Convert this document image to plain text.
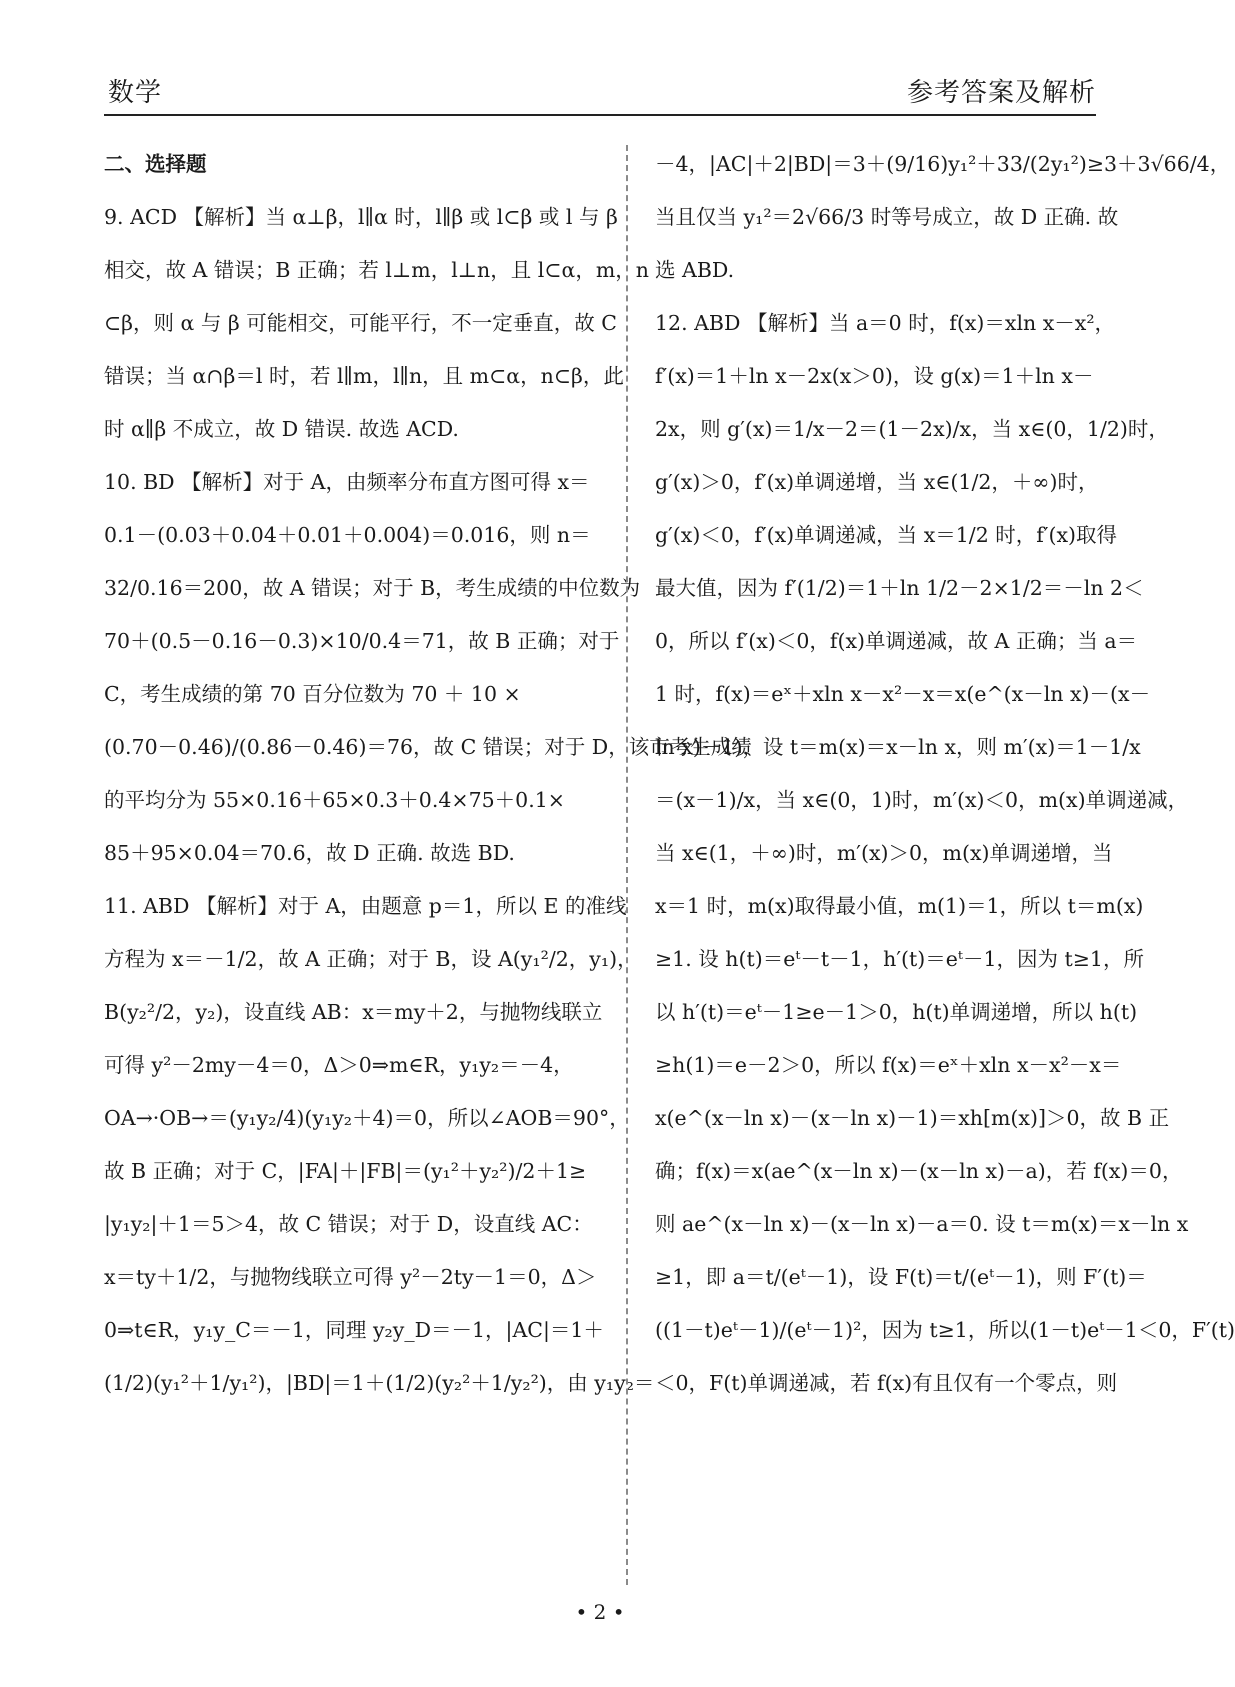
数学	参考答案及解析
二、选择题
9. ACD 【解析】当 α⊥β，l∥α 时，l∥β 或 l⊂β 或 l 与 β
相交，故 A 错误；B 正确；若 l⊥m，l⊥n，且 l⊂α，m，n
⊂β，则 α 与 β 可能相交，可能平行，不一定垂直，故 C
错误；当 α∩β＝l 时，若 l∥m，l∥n，且 m⊂α，n⊂β，此
时 α∥β 不成立，故 D 错误. 故选 ACD.
10. BD 【解析】对于 A，由频率分布直方图可得 x＝
0.1－(0.03＋0.04＋0.01＋0.004)＝0.016，则 n＝
32/0.16＝200，故 A 错误；对于 B，考生成绩的中位数为
70＋(0.5－0.16－0.3)×10/0.4＝71，故 B 正确；对于
C，考生成绩的第 70 百分位数为 70 ＋ 10 ×
(0.70－0.46)/(0.86－0.46)＝76，故 C 错误；对于 D，该市考生成绩
的平均分为 55×0.16＋65×0.3＋0.4×75＋0.1×
85＋95×0.04＝70.6，故 D 正确. 故选 BD.
11. ABD 【解析】对于 A，由题意 p＝1，所以 E 的准线
方程为 x＝－1/2，故 A 正确；对于 B，设 A(y₁²/2，y₁)，
B(y₂²/2，y₂)，设直线 AB：x＝my＋2，与抛物线联立
可得 y²－2my－4＝0，Δ＞0⇒m∈R，y₁y₂＝－4，
OA→·OB→＝(y₁y₂/4)(y₁y₂＋4)＝0，所以∠AOB＝90°，
故 B 正确；对于 C，|FA|＋|FB|＝(y₁²＋y₂²)/2＋1≥
|y₁y₂|＋1＝5＞4，故 C 错误；对于 D，设直线 AC：
x＝ty＋1/2，与抛物线联立可得 y²－2ty－1＝0，Δ＞
0⇒t∈R，y₁y_C＝－1，同理 y₂y_D＝－1，|AC|＝1＋
(1/2)(y₁²＋1/y₁²)，|BD|＝1＋(1/2)(y₂²＋1/y₂²)，由 y₁y₂＝
－4，|AC|＋2|BD|＝3＋(9/16)y₁²＋33/(2y₁²)≥3＋3√66/4，
当且仅当 y₁²＝2√66/3 时等号成立，故 D 正确. 故
选 ABD.
12. ABD 【解析】当 a＝0 时，f(x)＝xln x－x²，
f′(x)＝1＋ln x－2x(x＞0)，设 g(x)＝1＋ln x－
2x，则 g′(x)＝1/x－2＝(1－2x)/x，当 x∈(0，1/2)时，
g′(x)＞0，f′(x)单调递增，当 x∈(1/2，＋∞)时，
g′(x)＜0，f′(x)单调递减，当 x＝1/2 时，f′(x)取得
最大值，因为 f′(1/2)＝1＋ln 1/2－2×1/2＝－ln 2＜
0，所以 f′(x)＜0，f(x)单调递减，故 A 正确；当 a＝
1 时，f(x)＝eˣ＋xln x－x²－x＝x(e^(x－ln x)－(x－
ln x)－1)，设 t＝m(x)＝x－ln x，则 m′(x)＝1－1/x
＝(x－1)/x，当 x∈(0，1)时，m′(x)＜0，m(x)单调递减，
当 x∈(1，＋∞)时，m′(x)＞0，m(x)单调递增，当
x＝1 时，m(x)取得最小值，m(1)＝1，所以 t＝m(x)
≥1. 设 h(t)＝eᵗ－t－1，h′(t)＝eᵗ－1，因为 t≥1，所
以 h′(t)＝eᵗ－1≥e－1＞0，h(t)单调递增，所以 h(t)
≥h(1)＝e－2＞0，所以 f(x)＝eˣ＋xln x－x²－x＝
x(e^(x－ln x)－(x－ln x)－1)＝xh[m(x)]＞0，故 B 正
确；f(x)＝x(ae^(x－ln x)－(x－ln x)－a)，若 f(x)＝0，
则 ae^(x－ln x)－(x－ln x)－a＝0. 设 t＝m(x)＝x－ln x
≥1，即 a＝t/(eᵗ－1)，设 F(t)＝t/(eᵗ－1)，则 F′(t)＝
((1－t)eᵗ－1)/(eᵗ－1)²，因为 t≥1，所以(1－t)eᵗ－1＜0，F′(t)
＜0，F(t)单调递减，若 f(x)有且仅有一个零点，则
• 2 •
